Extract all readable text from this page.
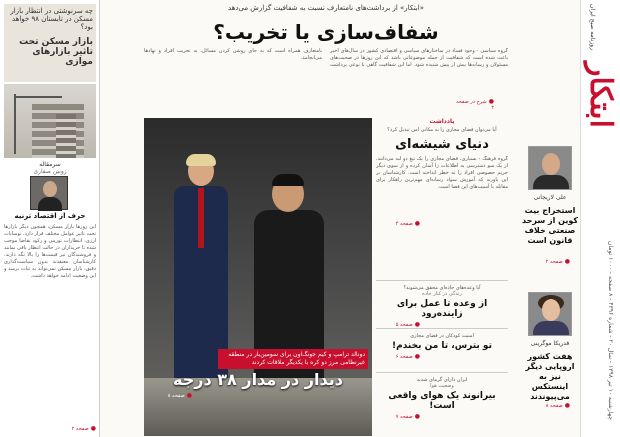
ابتکار
روزنامه صبح ایران
چهارشنبه ۱۰ تیر ۱۳۹۸ - سال ۲۰ - شماره ۴۳۹۶ - ۸ صفحه - ۱۰۰۰ تومان
علی لاریجانی
استخراج بیت کوین از سرحد صنعتی خلاف قانون است
● صفحه ۲
فدریکا موگرینی
هفت کشور اروپایی دیگر نیز به اینستکس می‌پیوندند
● صفحه ۸
«ابتکار» از برداشت‌های نامتعارف نسبت به شفافیت گزارش می‌دهد
شفاف‌سازی یا تخریب؟
گروه سیاسی - وجود فساد در ساختارهای سیاسی و اقتصادی کشور در سال‌های اخیر باعث شده است که شفافیت از جمله موضوعاتی باشد که این روزها در صحبت‌های مسئولان و رسانه‌ها بیش از پیش شنیده شود. اما این شفافیت گاهی با نوعی برداشت نامتعارف همراه است که به جای روشن کردن مسائل، به تخریب افراد و نهادها می‌انجامد.
● شرح در صفحه ۲
دونالد ترامپ و کیم جونگ‌اون برای سومین‌بار در منطقه غیرنظامی مرز دو کره با یکدیگر ملاقات کردند
دیدار در مدار ۳۸ درجه
● صفحه ۸
یادداشت
آیا می‌توان فضای مجازی را به مکانی امن تبدیل کرد؟
دنیای شیشه‌ای
گروه فرهنگ - بسیاری، فضای مجازی را یک تیغ دو لبه می‌دانند. از یک سو دسترسی به اطلاعات را آسان کرده و از سوی دیگر حریم خصوصی افراد را به خطر انداخته است. کارشناسان بر این باورند که آموزش سواد رسانه‌ای مهم‌ترین راهکار برای مقابله با آسیب‌های این فضا است.
● صفحه ۴
آیا وعده‌های جاده‌ای محقق می‌شوند؟
زندگی در کنار جاده
از وعده تا عمل برای زاینده‌رود
● صفحه ۵
امنیت کودکان در فضای مجازی
تو بترس، تا من بخندم!
● صفحه ۶
ایران دارای گرمای شدید
وضعیت هوا
بیرانوند یک هوای واقعی است!
● صفحه ۷
چه سرنوشتی در انتظار بازار مسکن در تابستان ۹۸ خواهد بود؟
بازار مسکن تحت تاثیر بازارهای موازی
سرمقاله
زوبین صفاری
حرف از اقتصاد ترنیه
این روزها بازار مسکن، همچون دیگر بازارها تحت تاثیر عوامل مختلف قرار دارد. نوسانات ارزی، انتظارات تورمی و رکود تقاضا موجب شده تا خریداران در حالت انتظار باقی بمانند و فروشندگان نیز قیمت‌ها را بالا نگه دارند. کارشناسان معتقدند بدون سیاست‌گذاری دقیق، بازار مسکن نمی‌تواند به ثبات برسد و این وضعیت ادامه خواهد داشت.
● صفحه ۲
